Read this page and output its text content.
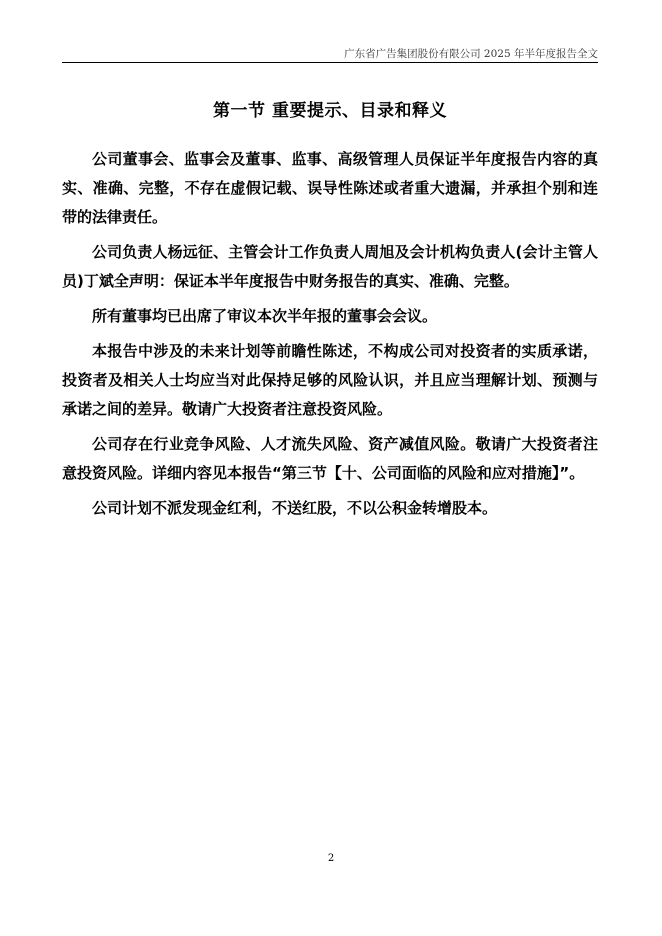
广东省广告集团股份有限公司 2025 年半年度报告全文
第一节 重要提示、目录和释义

公司董事会、监事会及董事、监事、高级管理人员保证半年度报告内容的真实、准确、完整，不存在虚假记载、误导性陈述或者重大遗漏，并承担个别和连带的法律责任。

公司负责人杨远征、主管会计工作负责人周旭及会计机构负责人(会计主管人员)丁斌全声明：保证本半年度报告中财务报告的真实、准确、完整。

所有董事均已出席了审议本次半年报的董事会会议。

本报告中涉及的未来计划等前瞻性陈述，不构成公司对投资者的实质承诺，投资者及相关人士均应当对此保持足够的风险认识，并且应当理解计划、预测与承诺之间的差异。敬请广大投资者注意投资风险。

公司存在行业竞争风险、人才流失风险、资产减值风险。敬请广大投资者注意投资风险。详细内容见本报告“第三节【十、公司面临的风险和应对措施】”。

公司计划不派发现金红利，不送红股，不以公积金转增股本。

2
